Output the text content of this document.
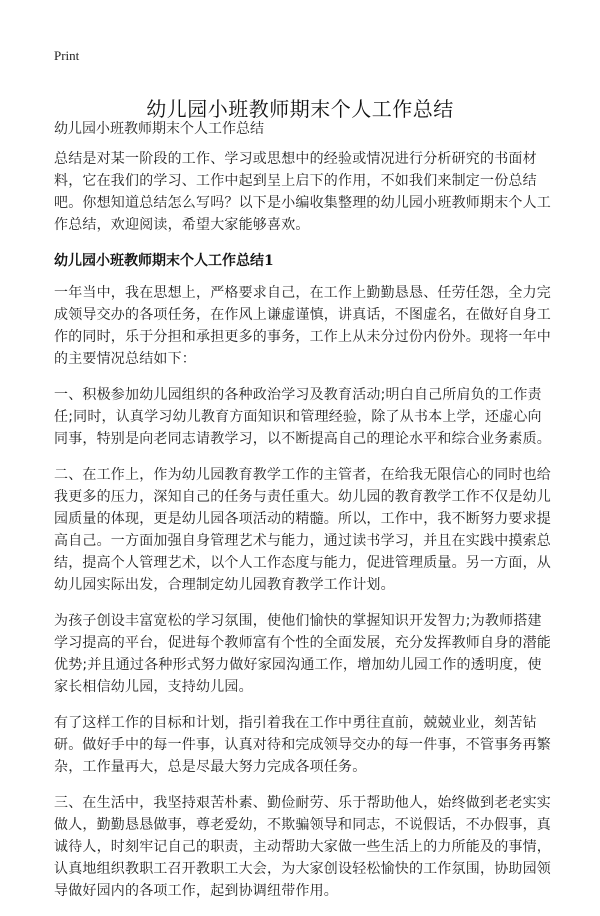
Print
幼儿园小班教师期末个人工作总结
幼儿园小班教师期末个人工作总结

总结是对某一阶段的工作、学习或思想中的经验或情况进行分析研究的书面材料，它在我们的学习、工作中起到呈上启下的作用，不如我们来制定一份总结吧。你想知道总结怎么写吗？以下是小编收集整理的幼儿园小班教师期末个人工作总结，欢迎阅读，希望大家能够喜欢。

幼儿园小班教师期末个人工作总结1

一年当中，我在思想上，严格要求自己，在工作上勤勤恳恳、任劳任怨，全力完成领导交办的各项任务，在作风上谦虚谨慎，讲真话，不图虚名，在做好自身工作的同时，乐于分担和承担更多的事务，工作上从未分过份内份外。现将一年中的主要情况总结如下：

一、积极参加幼儿园组织的各种政治学习及教育活动;明白自己所肩负的工作责任;同时，认真学习幼儿教育方面知识和管理经验，除了从书本上学，还虚心向同事，特别是向老同志请教学习，以不断提高自己的理论水平和综合业务素质。

二、在工作上，作为幼儿园教育教学工作的主管者，在给我无限信心的同时也给我更多的压力，深知自己的任务与责任重大。幼儿园的教育教学工作不仅是幼儿园质量的体现，更是幼儿园各项活动的精髓。所以，工作中，我不断努力要求提高自己。一方面加强自身管理艺术与能力，通过读书学习，并且在实践中摸索总结，提高个人管理艺术，以个人工作态度与能力，促进管理质量。另一方面，从幼儿园实际出发，合理制定幼儿园教育教学工作计划。

为孩子创设丰富宽松的学习氛围，使他们愉快的掌握知识开发智力;为教师搭建学习提高的平台，促进每个教师富有个性的全面发展，充分发挥教师自身的潜能优势;并且通过各种形式努力做好家园沟通工作，增加幼儿园工作的透明度，使家长相信幼儿园，支持幼儿园。

有了这样工作的目标和计划，指引着我在工作中勇往直前，兢兢业业，刻苦钻研。做好手中的每一件事，认真对待和完成领导交办的每一件事，不管事务再繁杂，工作量再大，总是尽最大努力完成各项任务。

三、在生活中，我坚持艰苦朴素、勤俭耐劳、乐于帮助他人，始终做到老老实实做人，勤勤恳恳做事，尊老爱幼，不欺骗领导和同志，不说假话，不办假事，真诚待人，时刻牢记自己的职责，主动帮助大家做一些生活上的力所能及的事情，认真地组织教职工召开教职工大会，为大家创设轻松愉快的工作氛围，协助园领导做好园内的各项工作，起到协调纽带作用。
